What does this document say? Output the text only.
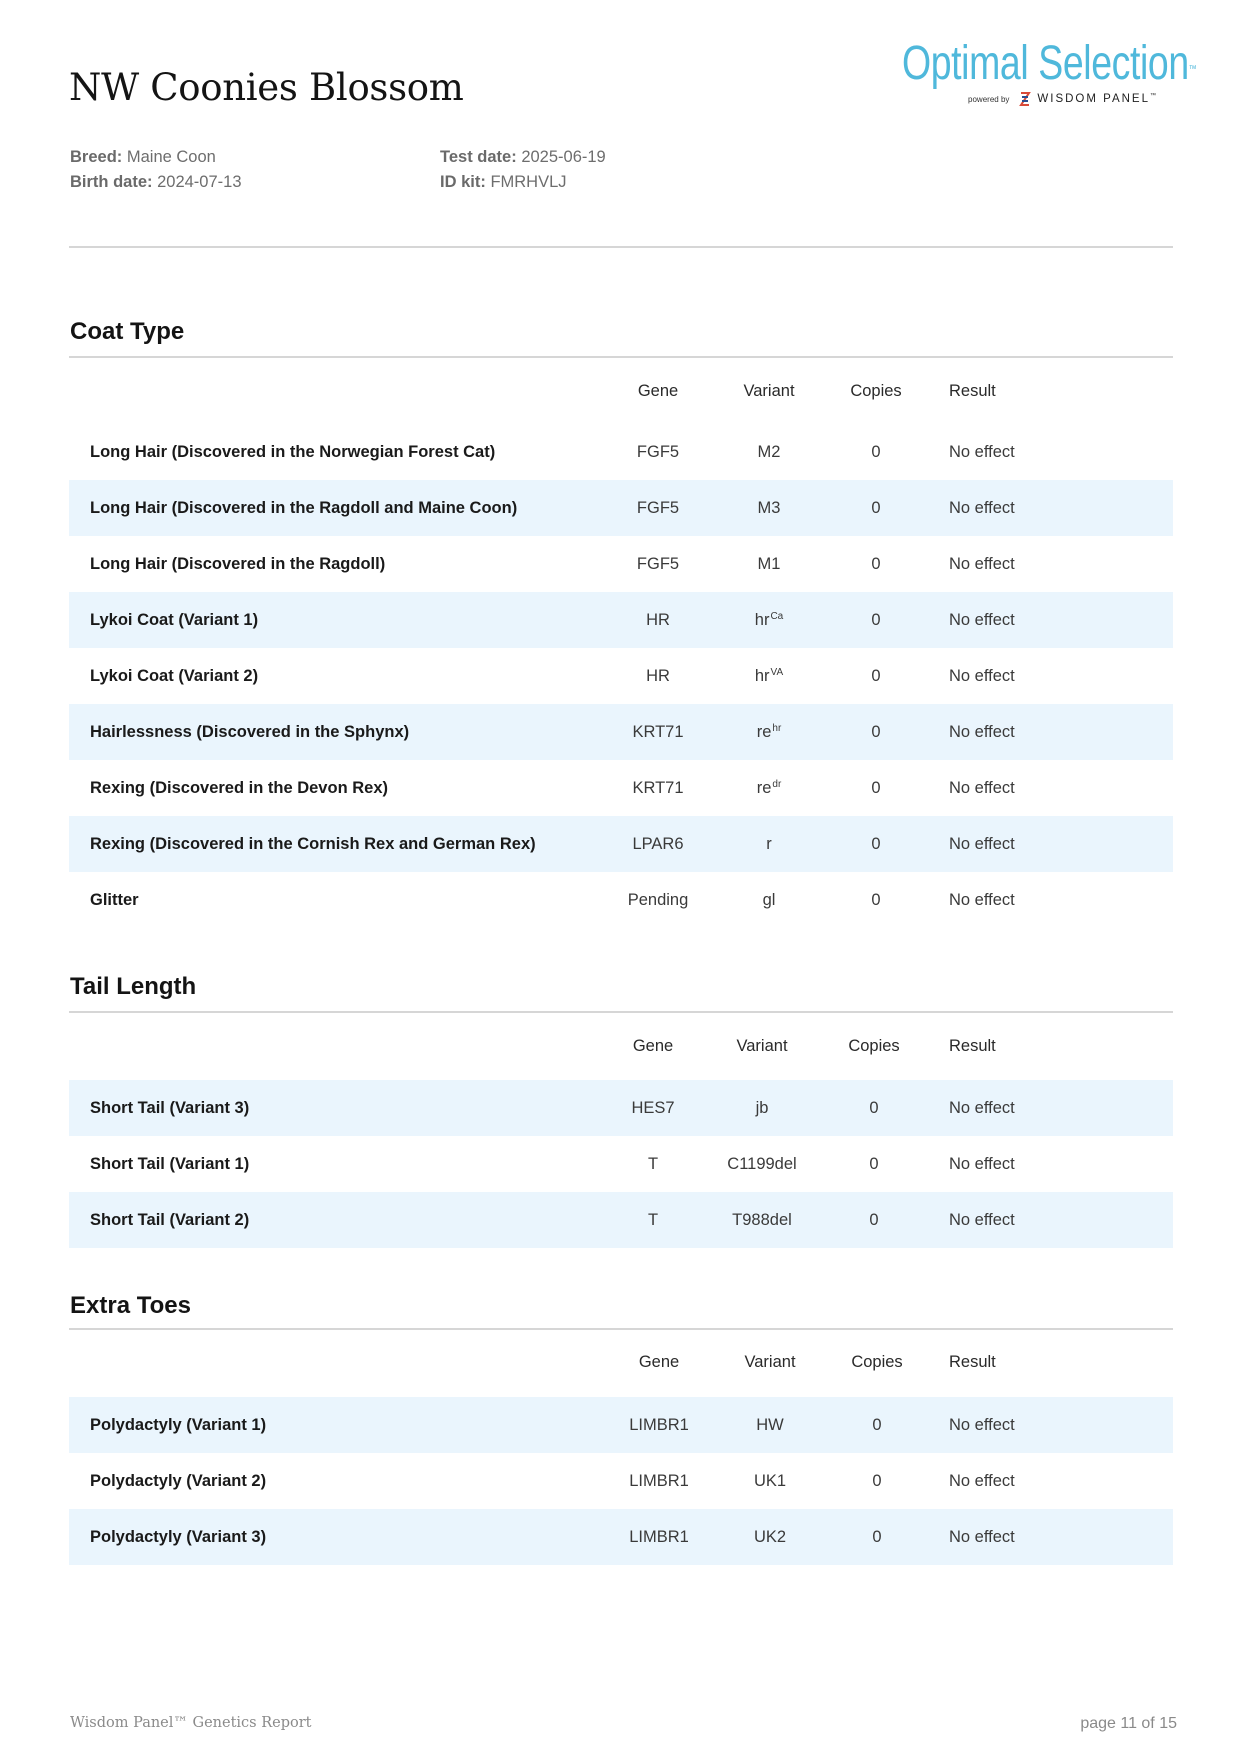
NW Coonies Blossom	Optimal Selection™
powered by WISDOM PANEL™
Breed: Maine Coon
Birth date: 2024-07-13
Test date: 2025-06-19
ID kit: FMRHVLJ
Coat Type
Gene	Variant	Copies	Result
Long Hair (Discovered in the Norwegian Forest Cat)	FGF5	M2	0	No effect
Long Hair (Discovered in the Ragdoll and Maine Coon)	FGF5	M3	0	No effect
Long Hair (Discovered in the Ragdoll)	FGF5	M1	0	No effect
Lykoi Coat (Variant 1)	HR	$hr^{Ca}$	0	No effect
Lykoi Coat (Variant 2)	HR	$hr^{VA}$	0	No effect
Hairlessness (Discovered in the Sphynx)	KRT71	$re^{hr}$	0	No effect
Rexing (Discovered in the Devon Rex)	KRT71	$re^{dr}$	0	No effect
Rexing (Discovered in the Cornish Rex and German Rex)	LPAR6	r	0	No effect
Glitter	Pending	gl	0	No effect
Tail Length
Gene	Variant	Copies	Result
Short Tail (Variant 3)	HES7	jb	0	No effect
Short Tail (Variant 1)	T	C1199del	0	No effect
Short Tail (Variant 2)	T	T988del	0	No effect
Extra Toes
Gene	Variant	Copies	Result
Polydactyly (Variant 1)	LIMBR1	HW	0	No effect
Polydactyly (Variant 2)	LIMBR1	UK1	0	No effect
Polydactyly (Variant 3)	LIMBR1	UK2	0	No effect
Wisdom Panel™ Genetics Report	page 11 of 15
